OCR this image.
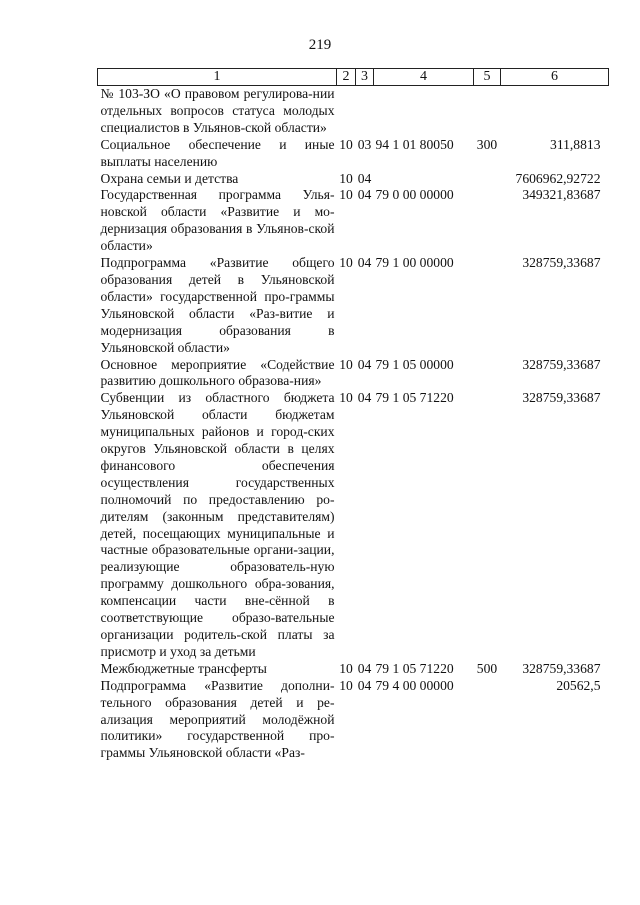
219
1	2	3	4	5	6
№ 103-ЗО «О правовом регулирова-нии отдельных вопросов статуса молодых специалистов в Ульянов-ской области»					
Социальное обеспечение и иные выплаты населению	10	03	94 1 01 80050	300	311,8813
Охрана семьи и детства	10	04			7606962,92722
Государственная программа Улья-новской области «Развитие и мо-дернизация образования в Ульянов-ской области»	10	04	79 0 00 00000		349321,83687
Подпрограмма «Развитие общего образования детей в Ульяновской области» государственной про-граммы Ульяновской области «Раз-витие и модернизация образования в Ульяновской области»	10	04	79 1 00 00000		328759,33687
Основное мероприятие «Содействие развитию дошкольного образова-ния»	10	04	79 1 05 00000		328759,33687
Субвенции из областного бюджета Ульяновской области бюджетам муниципальных районов и город-ских округов Ульяновской области в целях финансового обеспечения осуществления государственных полномочий по предоставлению ро-дителям (законным представителям) детей, посещающих муниципальные и частные образовательные органи-зации, реализующие образователь-ную программу дошкольного обра-зования, компенсации части вне-сённой в соответствующие образо-вательные организации родитель-ской платы за присмотр и уход за детьми	10	04	79 1 05 71220		328759,33687
Межбюджетные трансферты	10	04	79 1 05 71220	500	328759,33687
Подпрограмма «Развитие дополни-тельного образования детей и ре-ализация мероприятий молодёжной политики» государственной про-граммы Ульяновской области «Раз-	10	04	79 4 00 00000		20562,5
